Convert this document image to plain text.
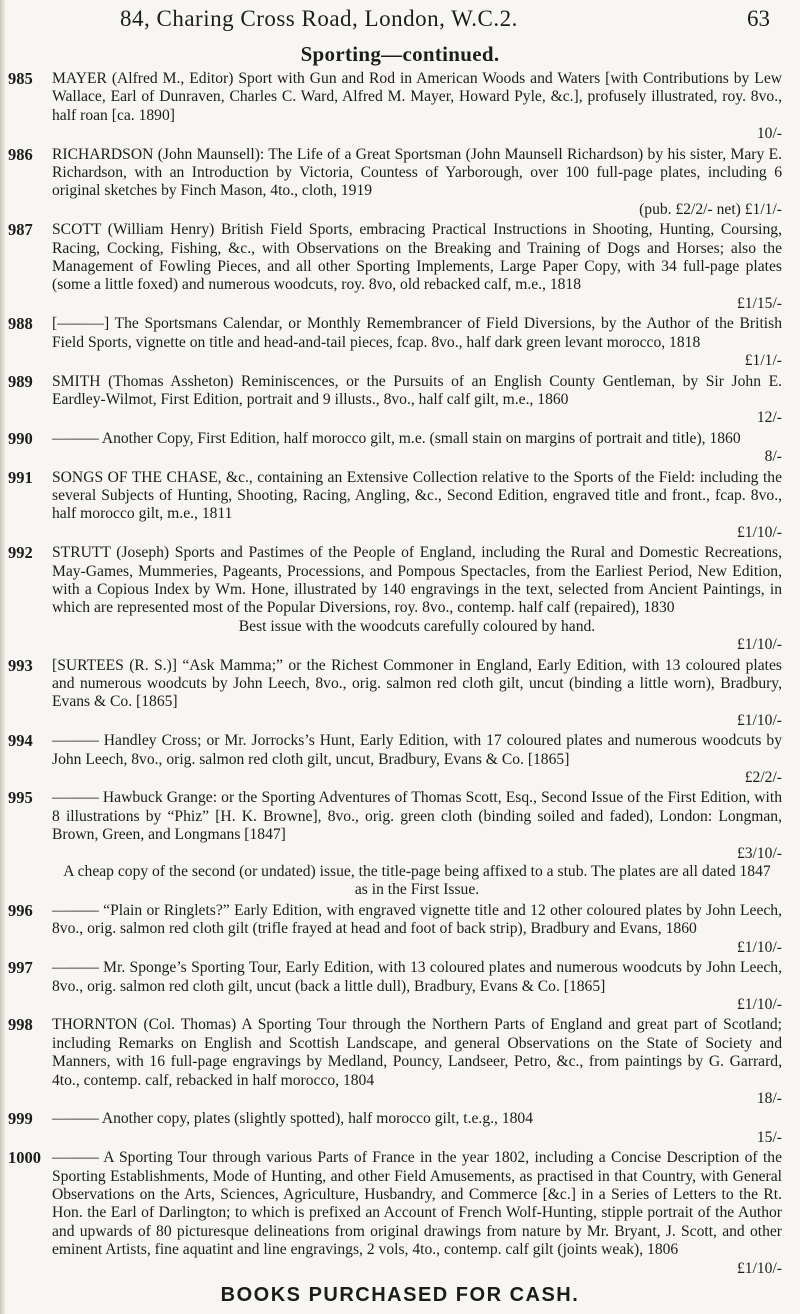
84, Charing Cross Road, London, W.C.2.	63
Sporting—continued.
985	MAYER (Alfred M., Editor) Sport with Gun and Rod in American Woods and Waters [with Contributions by Lew Wallace, Earl of Dunraven, Charles C. Ward, Alfred M. Mayer, Howard Pyle, &c.], profusely illustrated, roy. 8vo., half roan [ca. 1890]
10/-
986	RICHARDSON (John Maunsell): The Life of a Great Sportsman (John Maunsell Richardson) by his sister, Mary E. Richardson, with an Introduction by Victoria, Countess of Yarborough, over 100 full-page plates, including 6 original sketches by Finch Mason, 4to., cloth, 1919
(pub. £2/2/- net) £1/1/-
987	SCOTT (William Henry) British Field Sports, embracing Practical Instructions in Shooting, Hunting, Coursing, Racing, Cocking, Fishing, &c., with Observations on the Breaking and Training of Dogs and Horses; also the Management of Fowling Pieces, and all other Sporting Implements, Large Paper Copy, with 34 full-page plates (some a little foxed) and numerous woodcuts, roy. 8vo, old rebacked calf, m.e., 1818
£1/15/-
988	[———] The Sportsmans Calendar, or Monthly Remembrancer of Field Diversions, by the Author of the British Field Sports, vignette on title and head-and-tail pieces, fcap. 8vo., half dark green levant morocco, 1818
£1/1/-
989	SMITH (Thomas Assheton) Reminiscences, or the Pursuits of an English County Gentleman, by Sir John E. Eardley-Wilmot, First Edition, portrait and 9 illusts., 8vo., half calf gilt, m.e., 1860
12/-
990	——— Another Copy, First Edition, half morocco gilt, m.e. (small stain on margins of portrait and title), 1860
8/-
991	SONGS OF THE CHASE, &c., containing an Extensive Collection relative to the Sports of the Field: including the several Subjects of Hunting, Shooting, Racing, Angling, &c., Second Edition, engraved title and front., fcap. 8vo., half morocco gilt, m.e., 1811
£1/10/-
992	STRUTT (Joseph) Sports and Pastimes of the People of England, including the Rural and Domestic Recreations, May-Games, Mummeries, Pageants, Processions, and Pompous Spectacles, from the Earliest Period, New Edition, with a Copious Index by Wm. Hone, illustrated by 140 engravings in the text, selected from Ancient Paintings, in which are represented most of the Popular Diversions, roy. 8vo., contemp. half calf (repaired), 1830
Best issue with the woodcuts carefully coloured by hand.
£1/10/-
993	[SURTEES (R. S.)] “Ask Mamma;” or the Richest Commoner in England, Early Edition, with 13 coloured plates and numerous woodcuts by John Leech, 8vo., orig. salmon red cloth gilt, uncut (binding a little worn), Bradbury, Evans & Co. [1865]
£1/10/-
994	——— Handley Cross; or Mr. Jorrocks’s Hunt, Early Edition, with 17 coloured plates and numerous woodcuts by John Leech, 8vo., orig. salmon red cloth gilt, uncut, Bradbury, Evans & Co. [1865]
£2/2/-
995	——— Hawbuck Grange: or the Sporting Adventures of Thomas Scott, Esq., Second Issue of the First Edition, with 8 illustrations by “Phiz” [H. K. Browne], 8vo., orig. green cloth (binding soiled and faded), London: Longman, Brown, Green, and Longmans [1847]
£3/10/-
A cheap copy of the second (or undated) issue, the title-page being affixed to a stub. The plates are all dated 1847 as in the First Issue.
996	——— “Plain or Ringlets?” Early Edition, with engraved vignette title and 12 other coloured plates by John Leech, 8vo., orig. salmon red cloth gilt (trifle frayed at head and foot of back strip), Bradbury and Evans, 1860
£1/10/-
997	——— Mr. Sponge’s Sporting Tour, Early Edition, with 13 coloured plates and numerous woodcuts by John Leech, 8vo., orig. salmon red cloth gilt, uncut (back a little dull), Bradbury, Evans & Co. [1865]
£1/10/-
998	THORNTON (Col. Thomas) A Sporting Tour through the Northern Parts of England and great part of Scotland; including Remarks on English and Scottish Landscape, and general Observations on the State of Society and Manners, with 16 full-page engravings by Medland, Pouncy, Landseer, Petro, &c., from paintings by G. Garrard, 4to., contemp. calf, rebacked in half morocco, 1804
18/-
999	——— Another copy, plates (slightly spotted), half morocco gilt, t.e.g., 1804
15/-
1000 ——— A Sporting Tour through various Parts of France in the year 1802, including a Concise Description of the Sporting Establishments, Mode of Hunting, and other Field Amusements, as practised in that Country, with General Observations on the Arts, Sciences, Agriculture, Husbandry, and Commerce [&c.] in a Series of Letters to the Rt. Hon. the Earl of Darlington; to which is prefixed an Account of French Wolf-Hunting, stipple portrait of the Author and upwards of 80 picturesque delineations from original drawings from nature by Mr. Bryant, J. Scott, and other eminent Artists, fine aquatint and line engravings, 2 vols, 4to., contemp. calf gilt (joints weak), 1806
£1/10/-
BOOKS PURCHASED FOR CASH.
